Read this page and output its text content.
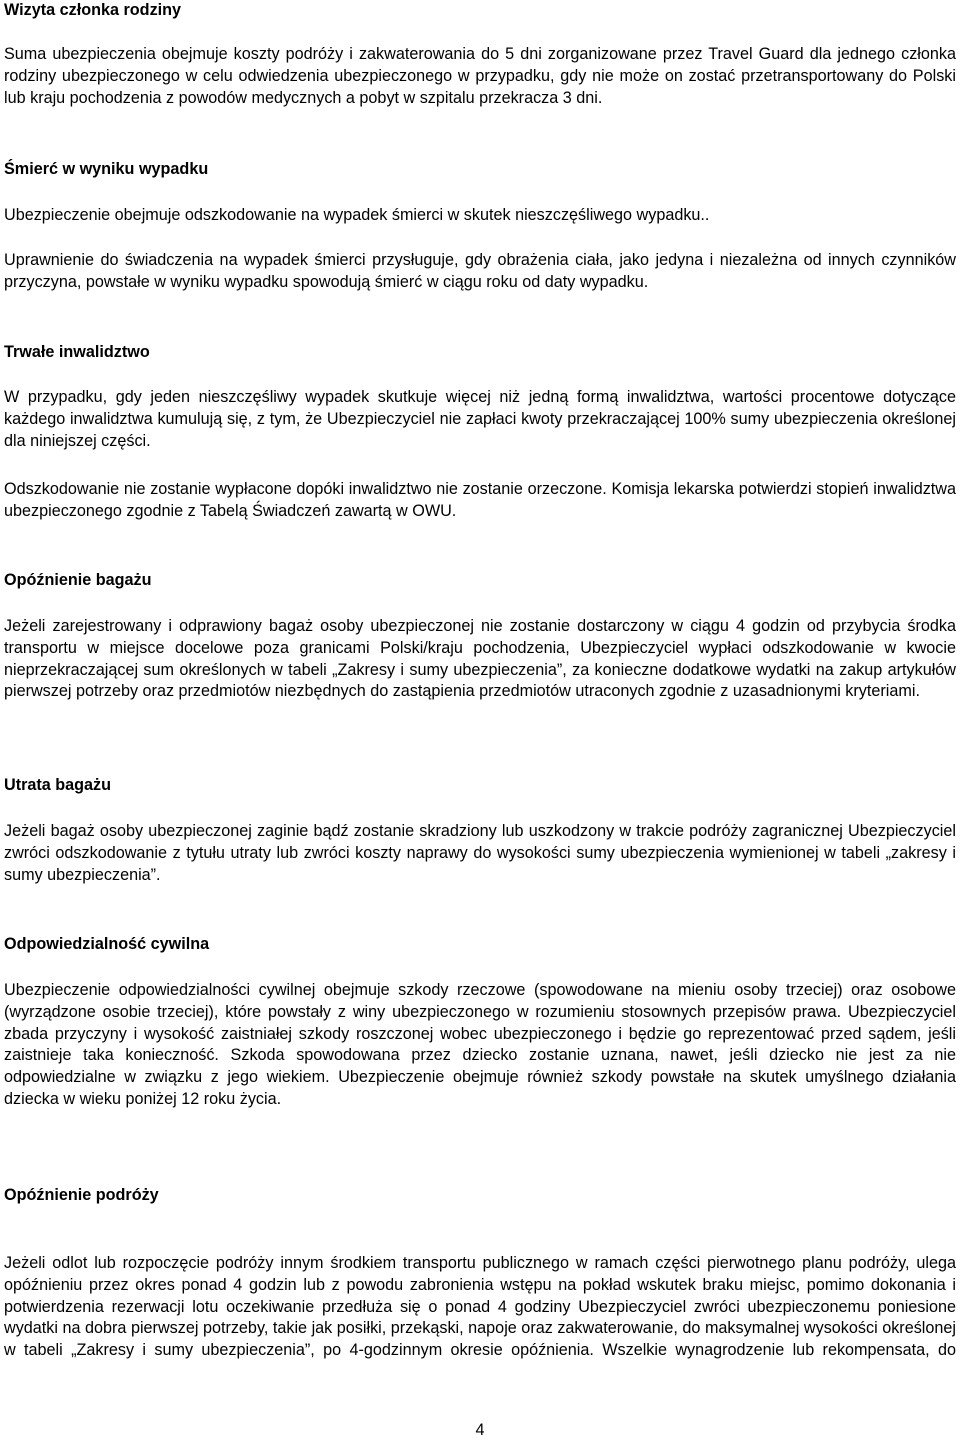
Wizyta członka rodziny

Suma ubezpieczenia obejmuje koszty podróży i zakwaterowania do 5 dni zorganizowane przez Travel Guard dla jednego członka rodziny ubezpieczonego w celu odwiedzenia ubezpieczonego w przypadku, gdy nie może on zostać przetransportowany do Polski lub kraju pochodzenia z powodów medycznych a pobyt w szpitalu przekracza 3 dni.

Śmierć w wyniku wypadku

Ubezpieczenie obejmuje odszkodowanie na wypadek śmierci w skutek nieszczęśliwego wypadku..

Uprawnienie do świadczenia na wypadek śmierci przysługuje, gdy obrażenia ciała, jako jedyna i niezależna od innych czynników przyczyna, powstałe w wyniku wypadku spowodują śmierć w ciągu roku od daty wypadku.

Trwałe inwalidztwo

W przypadku, gdy jeden nieszczęśliwy wypadek skutkuje więcej niż jedną formą inwalidztwa, wartości procentowe dotyczące każdego inwalidztwa kumulują się, z tym, że Ubezpieczyciel nie zapłaci kwoty przekraczającej 100% sumy ubezpieczenia określonej dla niniejszej części.

Odszkodowanie nie zostanie wypłacone dopóki inwalidztwo nie zostanie orzeczone. Komisja lekarska potwierdzi stopień inwalidztwa ubezpieczonego zgodnie z Tabelą Świadczeń zawartą w OWU.

Opóźnienie bagażu

Jeżeli zarejestrowany i odprawiony bagaż osoby ubezpieczonej nie zostanie dostarczony w ciągu 4 godzin od przybycia środka transportu w miejsce docelowe poza granicami Polski/kraju pochodzenia, Ubezpieczyciel wypłaci odszkodowanie w kwocie nieprzekraczającej sum określonych w tabeli „Zakresy i sumy ubezpieczenia”, za konieczne dodatkowe wydatki na zakup artykułów pierwszej potrzeby oraz przedmiotów niezbędnych do zastąpienia przedmiotów utraconych zgodnie z uzasadnionymi kryteriami.

Utrata bagażu

Jeżeli bagaż osoby ubezpieczonej zaginie bądź zostanie skradziony lub uszkodzony w trakcie podróży zagranicznej Ubezpieczyciel zwróci odszkodowanie z tytułu utraty lub zwróci koszty naprawy do wysokości sumy ubezpieczenia wymienionej w tabeli „zakresy i sumy ubezpieczenia”.

Odpowiedzialność cywilna

Ubezpieczenie odpowiedzialności cywilnej obejmuje szkody rzeczowe (spowodowane na mieniu osoby trzeciej) oraz osobowe (wyrządzone osobie trzeciej), które powstały z winy ubezpieczonego w rozumieniu stosownych przepisów prawa. Ubezpieczyciel zbada przyczyny i wysokość zaistniałej szkody roszczonej wobec ubezpieczonego i będzie go reprezentować przed sądem, jeśli zaistnieje taka konieczność. Szkoda spowodowana przez dziecko zostanie uznana, nawet, jeśli dziecko nie jest za nie odpowiedzialne w związku z jego wiekiem. Ubezpieczenie obejmuje również szkody powstałe na skutek umyślnego działania dziecka w wieku poniżej 12 roku życia.

Opóźnienie podróży

Jeżeli odlot lub rozpoczęcie podróży innym środkiem transportu publicznego w ramach części pierwotnego planu podróży, ulega opóźnieniu przez okres ponad 4 godzin lub z powodu zabronienia wstępu na pokład wskutek braku miejsc, pomimo dokonania i potwierdzenia rezerwacji lotu oczekiwanie przedłuża się o ponad 4 godziny Ubezpieczyciel zwróci ubezpieczonemu poniesione wydatki na dobra pierwszej potrzeby, takie jak posiłki, przekąski, napoje oraz zakwaterowanie, do maksymalnej wysokości określonej w tabeli „Zakresy i sumy ubezpieczenia”, po 4-godzinnym okresie opóźnienia. Wszelkie wynagrodzenie lub rekompensata, do

4
